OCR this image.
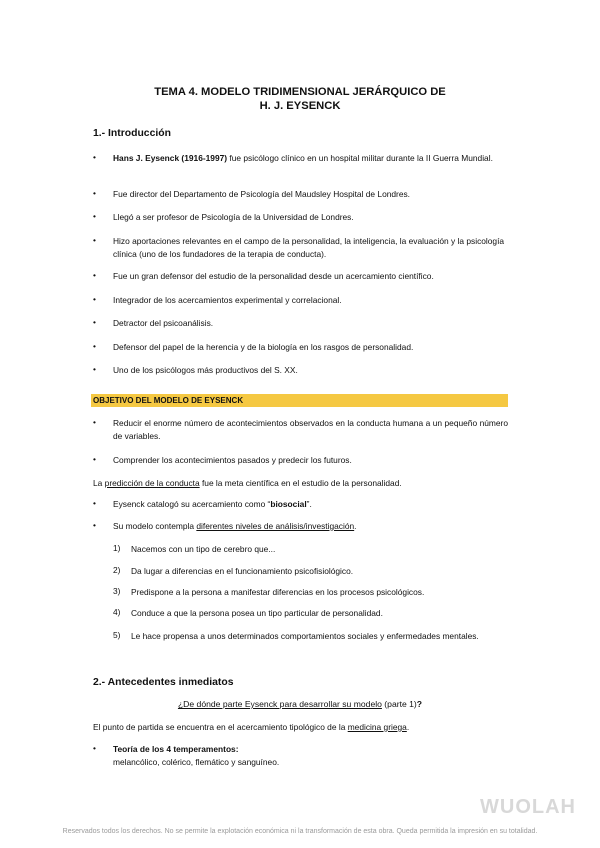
TEMA 4. MODELO TRIDIMENSIONAL JERÁRQUICO DE
H. J. EYSENCK
1.- Introducción
• Hans J. Eysenck (1916-1997) fue psicólogo clínico en un hospital militar durante la II Guerra Mundial.
• Fue director del Departamento de Psicología del Maudsley Hospital de Londres.
• Llegó a ser profesor de Psicología de la Universidad de Londres.
• Hizo aportaciones relevantes en el campo de la personalidad, la inteligencia, la evaluación y la psicología clínica (uno de los fundadores de la terapia de conducta).
• Fue un gran defensor del estudio de la personalidad desde un acercamiento científico.
• Integrador de los acercamientos experimental y correlacional.
• Detractor del psicoanálisis.
• Defensor del papel de la herencia y de la biología en los rasgos de personalidad.
• Uno de los psicólogos más productivos del S. XX.
OBJETIVO DEL MODELO DE EYSENCK
• Reducir el enorme número de acontecimientos observados en la conducta humana a un pequeño número de variables.
• Comprender los acontecimientos pasados y predecir los futuros.
La predicción de la conducta fue la meta científica en el estudio de la personalidad.
• Eysenck catalogó su acercamiento como “biosocial”.
• Su modelo contempla diferentes niveles de análisis/investigación.
1) Nacemos con un tipo de cerebro que...
2) Da lugar a diferencias en el funcionamiento psicofisiológico.
3) Predispone a la persona a manifestar diferencias en los procesos psicológicos.
4) Conduce a que la persona posea un tipo particular de personalidad.
5) Le hace propensa a unos determinados comportamientos sociales y enfermedades mentales.
2.- Antecedentes inmediatos
¿De dónde parte Eysenck para desarrollar su modelo (parte 1)?
El punto de partida se encuentra en el acercamiento tipológico de la medicina griega.
• Teoría de los 4 temperamentos:
melancólico, colérico, flemático y sanguíneo.
WUOLAH
Reservados todos los derechos. No se permite la explotación económica ni la transformación de esta obra. Queda permitida la impresión en su totalidad.
